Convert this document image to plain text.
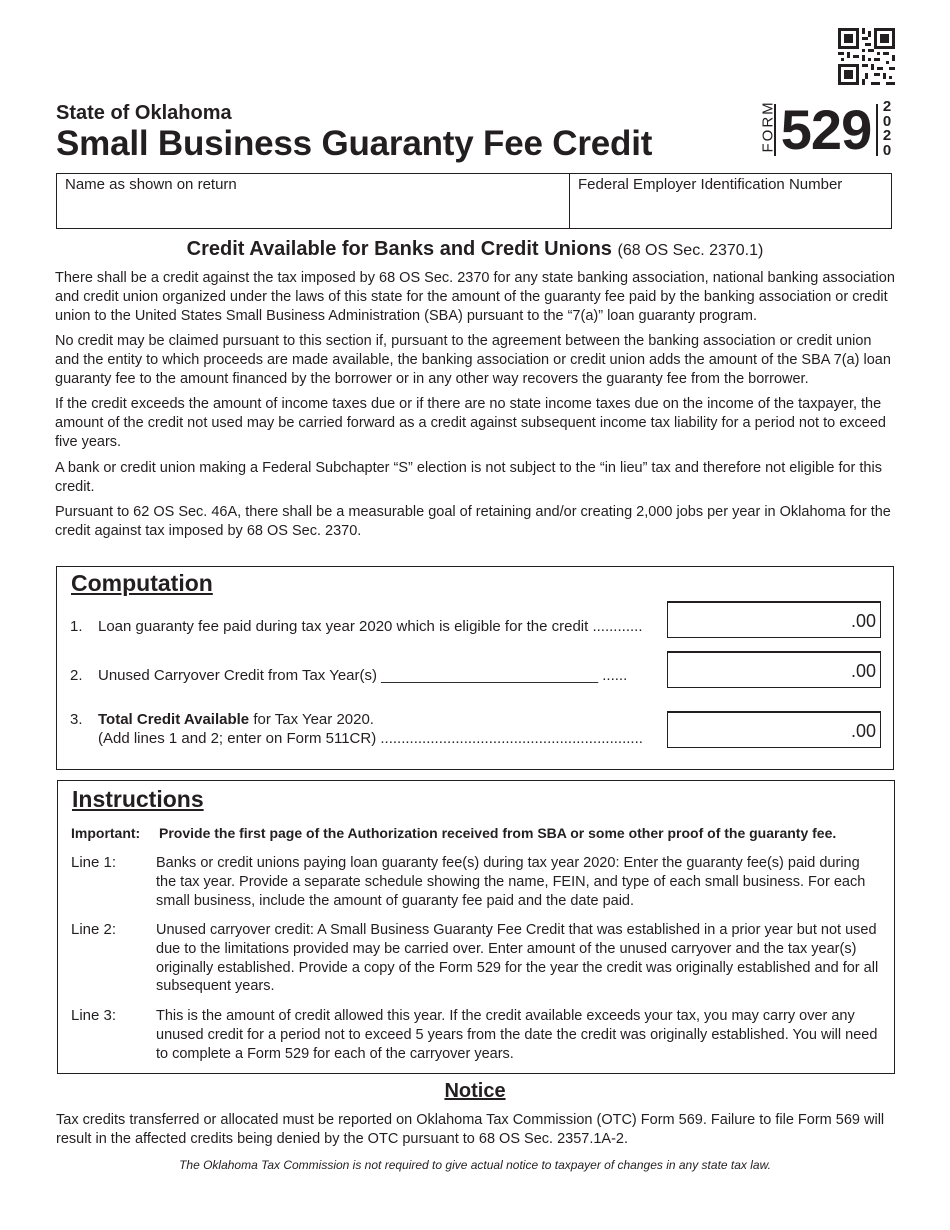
State of Oklahoma
Small Business Guaranty Fee Credit	FORM 529 2
0
2
0
Name as shown on return	Federal Employer Identification Number
Credit Available for Banks and Credit Unions (68 OS Sec. 2370.1)

There shall be a credit against the tax imposed by 68 OS Sec. 2370 for any state banking association, national banking association and credit union organized under the laws of this state for the amount of the guaranty fee paid by the banking association or credit union to the United States Small Business Administration (SBA) pursuant to the “7(a)” loan guaranty program.

No credit may be claimed pursuant to this section if, pursuant to the agreement between the banking association or credit union and the entity to which proceeds are made available, the banking association or credit union adds the amount of the SBA 7(a) loan guaranty fee to the amount financed by the borrower or in any other way recovers the guaranty fee from the borrower.

If the credit exceeds the amount of income taxes due or if there are no state income taxes due on the income of the taxpayer, the amount of the credit not used may be carried forward as a credit against subsequent income tax liability for a period not to exceed five years.

A bank or credit union making a Federal Subchapter “S” election is not subject to the “in lieu” tax and therefore not eligible for this credit.

Pursuant to 62 OS Sec. 46A, there shall be a measurable goal of retaining and/or creating 2,000 jobs per year in Oklahoma for the credit against tax imposed by 68 OS Sec. 2370.

Computation
1. Loan guaranty fee paid during tax year 2020 which is eligible for the credit ............	.00
2. Unused Carryover Credit from Tax Year(s) __________________________ ......	.00
3. Total Credit Available for Tax Year 2020.
(Add lines 1 and 2; enter on Form 511CR) ...............................................................	.00
Instructions
Important: Provide the first page of the Authorization received from SBA or some other proof of the guaranty fee.
Line 1:	Banks or credit unions paying loan guaranty fee(s) during tax year 2020: Enter the guaranty fee(s) paid during the tax year. Provide a separate schedule showing the name, FEIN, and type of each small business. For each small business, include the amount of guaranty fee paid and the date paid.

Line 2:	Unused carryover credit: A Small Business Guaranty Fee Credit that was established in a prior year but not used due to the limitations provided may be carried over. Enter amount of the unused carryover and the tax year(s) originally established. Provide a copy of the Form 529 for the year the credit was originally established and for all subsequent years.

Line 3:	This is the amount of credit allowed this year. If the credit available exceeds your tax, you may carry over any unused credit for a period not to exceed 5 years from the date the credit was originally established. You will need to complete a Form 529 for each of the carryover years.

Notice

Tax credits transferred or allocated must be reported on Oklahoma Tax Commission (OTC) Form 569. Failure to file Form 569 will result in the affected credits being denied by the OTC pursuant to 68 OS Sec. 2357.1A-2.

The Oklahoma Tax Commission is not required to give actual notice to taxpayer of changes in any state tax law.
